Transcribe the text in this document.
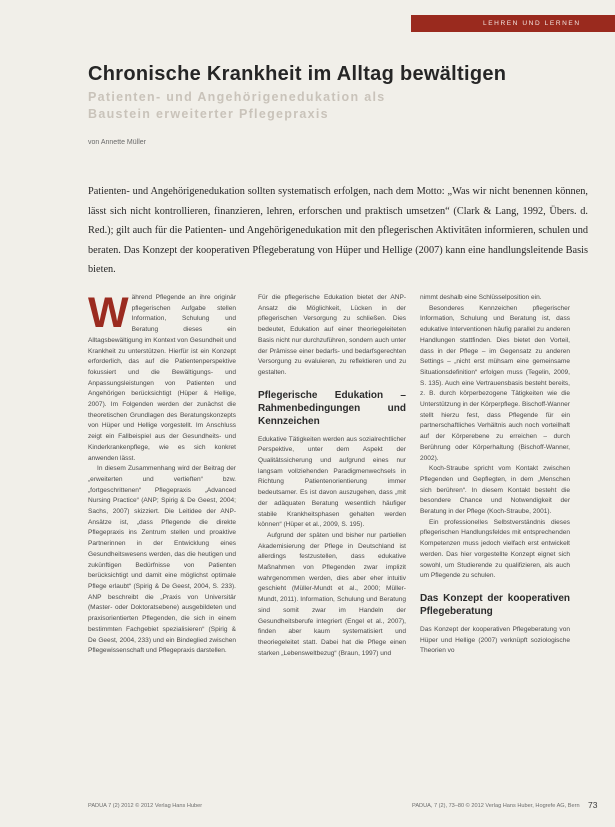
LEHREN UND LERNEN
Chronische Krankheit im Alltag bewältigen

Patienten- und Angehörigenedukation als Baustein erweiterter Pflegepraxis

von Annette Müller

Patienten- und Angehörigenedukation sollten systematisch erfolgen, nach dem Motto: „Was wir nicht benennen können, lässt sich nicht kontrollieren, finanzieren, lehren, erforschen und praktisch umsetzen“ (Clark & Lang, 1992, Übers. d. Red.); gilt auch für die Patienten- und Angehörigenedukation mit den pflegerischen Aktivitäten informieren, schulen und beraten. Das Konzept der kooperativen Pflegeberatung von Hüper und Hellige (2007) kann eine handlungsleitende Basis bieten.

W ährend Pflegende an ihre originär pflegerischen Aufgabe stellen Information, Schulung und Beratung dieses ein Alltagsbewältigung im Kontext von Gesundheit und Krankheit zu unterstützen. Hierfür ist ein Konzept erforderlich, das auf die Patientenperspektive fokussiert und die Bewältigungs- und Anpassungsleistungen von Patienten und Angehörigen berücksichtigt (Hüper & Hellige, 2007). Im Folgenden werden der zunächst die theoretischen Grundlagen des Beratungskonzepts von Hüper und Hellige vorgestellt. Im Anschluss zeigt ein Fallbeispiel aus der Gesundheits- und Kinderkrankenpflege, wie es sich konkret anwenden lässt.

In diesem Zusammenhang wird der Beitrag der „erweiterten und vertieften“ bzw. „fortgeschrittenen“ Pflegepraxis „Advanced Nursing Practice“ (ANP; Spirig & De Geest, 2004; Sachs, 2007) skizziert. Die Leitidee der ANP-Ansätze ist, „dass Pflegende die direkte Pflegepraxis ins Zentrum stellen und proaktive Partnerinnen in der Entwicklung eines Gesundheitswesens werden, das die heutigen und zukünftigen Bedürfnisse von Patienten berücksichtigt und damit eine möglichst optimale Pflege erlaubt“ (Spirig & De Geest, 2004, S. 233). ANP beschreibt die „Praxis von Universitär (Master- oder Doktoratsebene) ausgebildeten und praxisorientierten Pflegenden, die sich in einem bestimmten Fachgebiet spezialisieren“ (Spirig & De Geest, 2004, 233) und ein Bindeglied zwischen Pflegewissenschaft und Pflegepraxis darstellen.

Für die pflegerische Edukation bietet der ANP-Ansatz die Möglichkeit, Lücken in der pflegerischen Versorgung zu schließen. Dies bedeutet, Edukation auf einer theoriegeleiteten Basis nicht nur durchzuführen, sondern auch unter der Prämisse einer bedarfs- und bedarfsgerechten Versorgung zu evaluieren, zu reflektieren und zu gestalten.

Pflegerische Edukation – Rahmenbedingungen und Kennzeichen

Edukative Tätigkeiten werden aus sozialrechtlicher Perspektive, unter dem Aspekt der Qualitätssicherung und aufgrund eines nur langsam vollziehenden Paradigmenwechsels in Richtung Patientenorientierung immer bedeutsamer. Es ist davon auszugehen, dass „mit der adäquaten Beratung wesentlich häufiger stabile Krankheitsphasen gehalten werden können“ (Hüper et al., 2009, S. 195).

Aufgrund der späten und bisher nur partiellen Akademisierung der Pflege in Deutschland ist allerdings festzustellen, dass edukative Maßnahmen von Pflegenden zwar implizit wahrgenommen werden, dies aber eher intuitiv geschieht (Müller-Mundt et al., 2000; Müller-Mundt, 2011). Information, Schulung und Beratung sind somit zwar im Handeln der Gesundheitsberufe integriert (Engel et al., 2007), finden aber kaum systematisiert und theoriegeleitet statt. Dabei hat die Pflege einen starken „Lebensweltbezug“ (Braun, 1997) und

nimmt deshalb eine Schlüsselposition ein.

Besonderes Kennzeichen pflegerischer Information, Schulung und Beratung ist, dass edukative Interventionen häufig parallel zu anderen Handlungen stattfinden. Dies bietet den Vorteil, dass in der Pflege – im Gegensatz zu anderen Settings – „nicht erst mühsam eine gemeinsame Situationsdefinition“ erfolgen muss (Tegelin, 2009, S. 135). Auch eine Vertrauensbasis besteht bereits, z. B. durch körperbezogene Tätigkeiten wie die Unterstützung in der Körperpflege. Bischoff-Wanner stellt hierzu fest, dass Pflegende für ein partnerschaftliches Verhältnis auch noch vorteilhaft auf der Körperebene zu erreichen – durch Berührung oder Körperhaltung (Bischoff-Wanner, 2002).

Koch-Straube spricht vom Kontakt zwischen Pflegenden und Gepflegten, in dem „Menschen sich berühren“. In diesem Kontakt besteht die besondere Chance und Notwendigkeit der Beratung in der Pflege (Koch-Straube, 2001).

Ein professionelles Selbstverständnis dieses pflegerischen Handlungsfeldes mit entsprechenden Kompetenzen muss jedoch vielfach erst entwickelt werden. Das hier vorgestellte Konzept eignet sich sowohl, um Studierende zu qualifizieren, als auch um Pflegende zu schulen.

Das Konzept der kooperativen Pflegeberatung

Das Konzept der kooperativen Pflegeberatung von Hüper und Hellige (2007) verknüpft soziologische Theorien vo

PADUA 7 (2) 2012 © 2012 Verlag Hans Huber	PADUA, 7 (2), 73–80 © 2012 Verlag Hans Huber, Hogrefe AG, Bern 73
